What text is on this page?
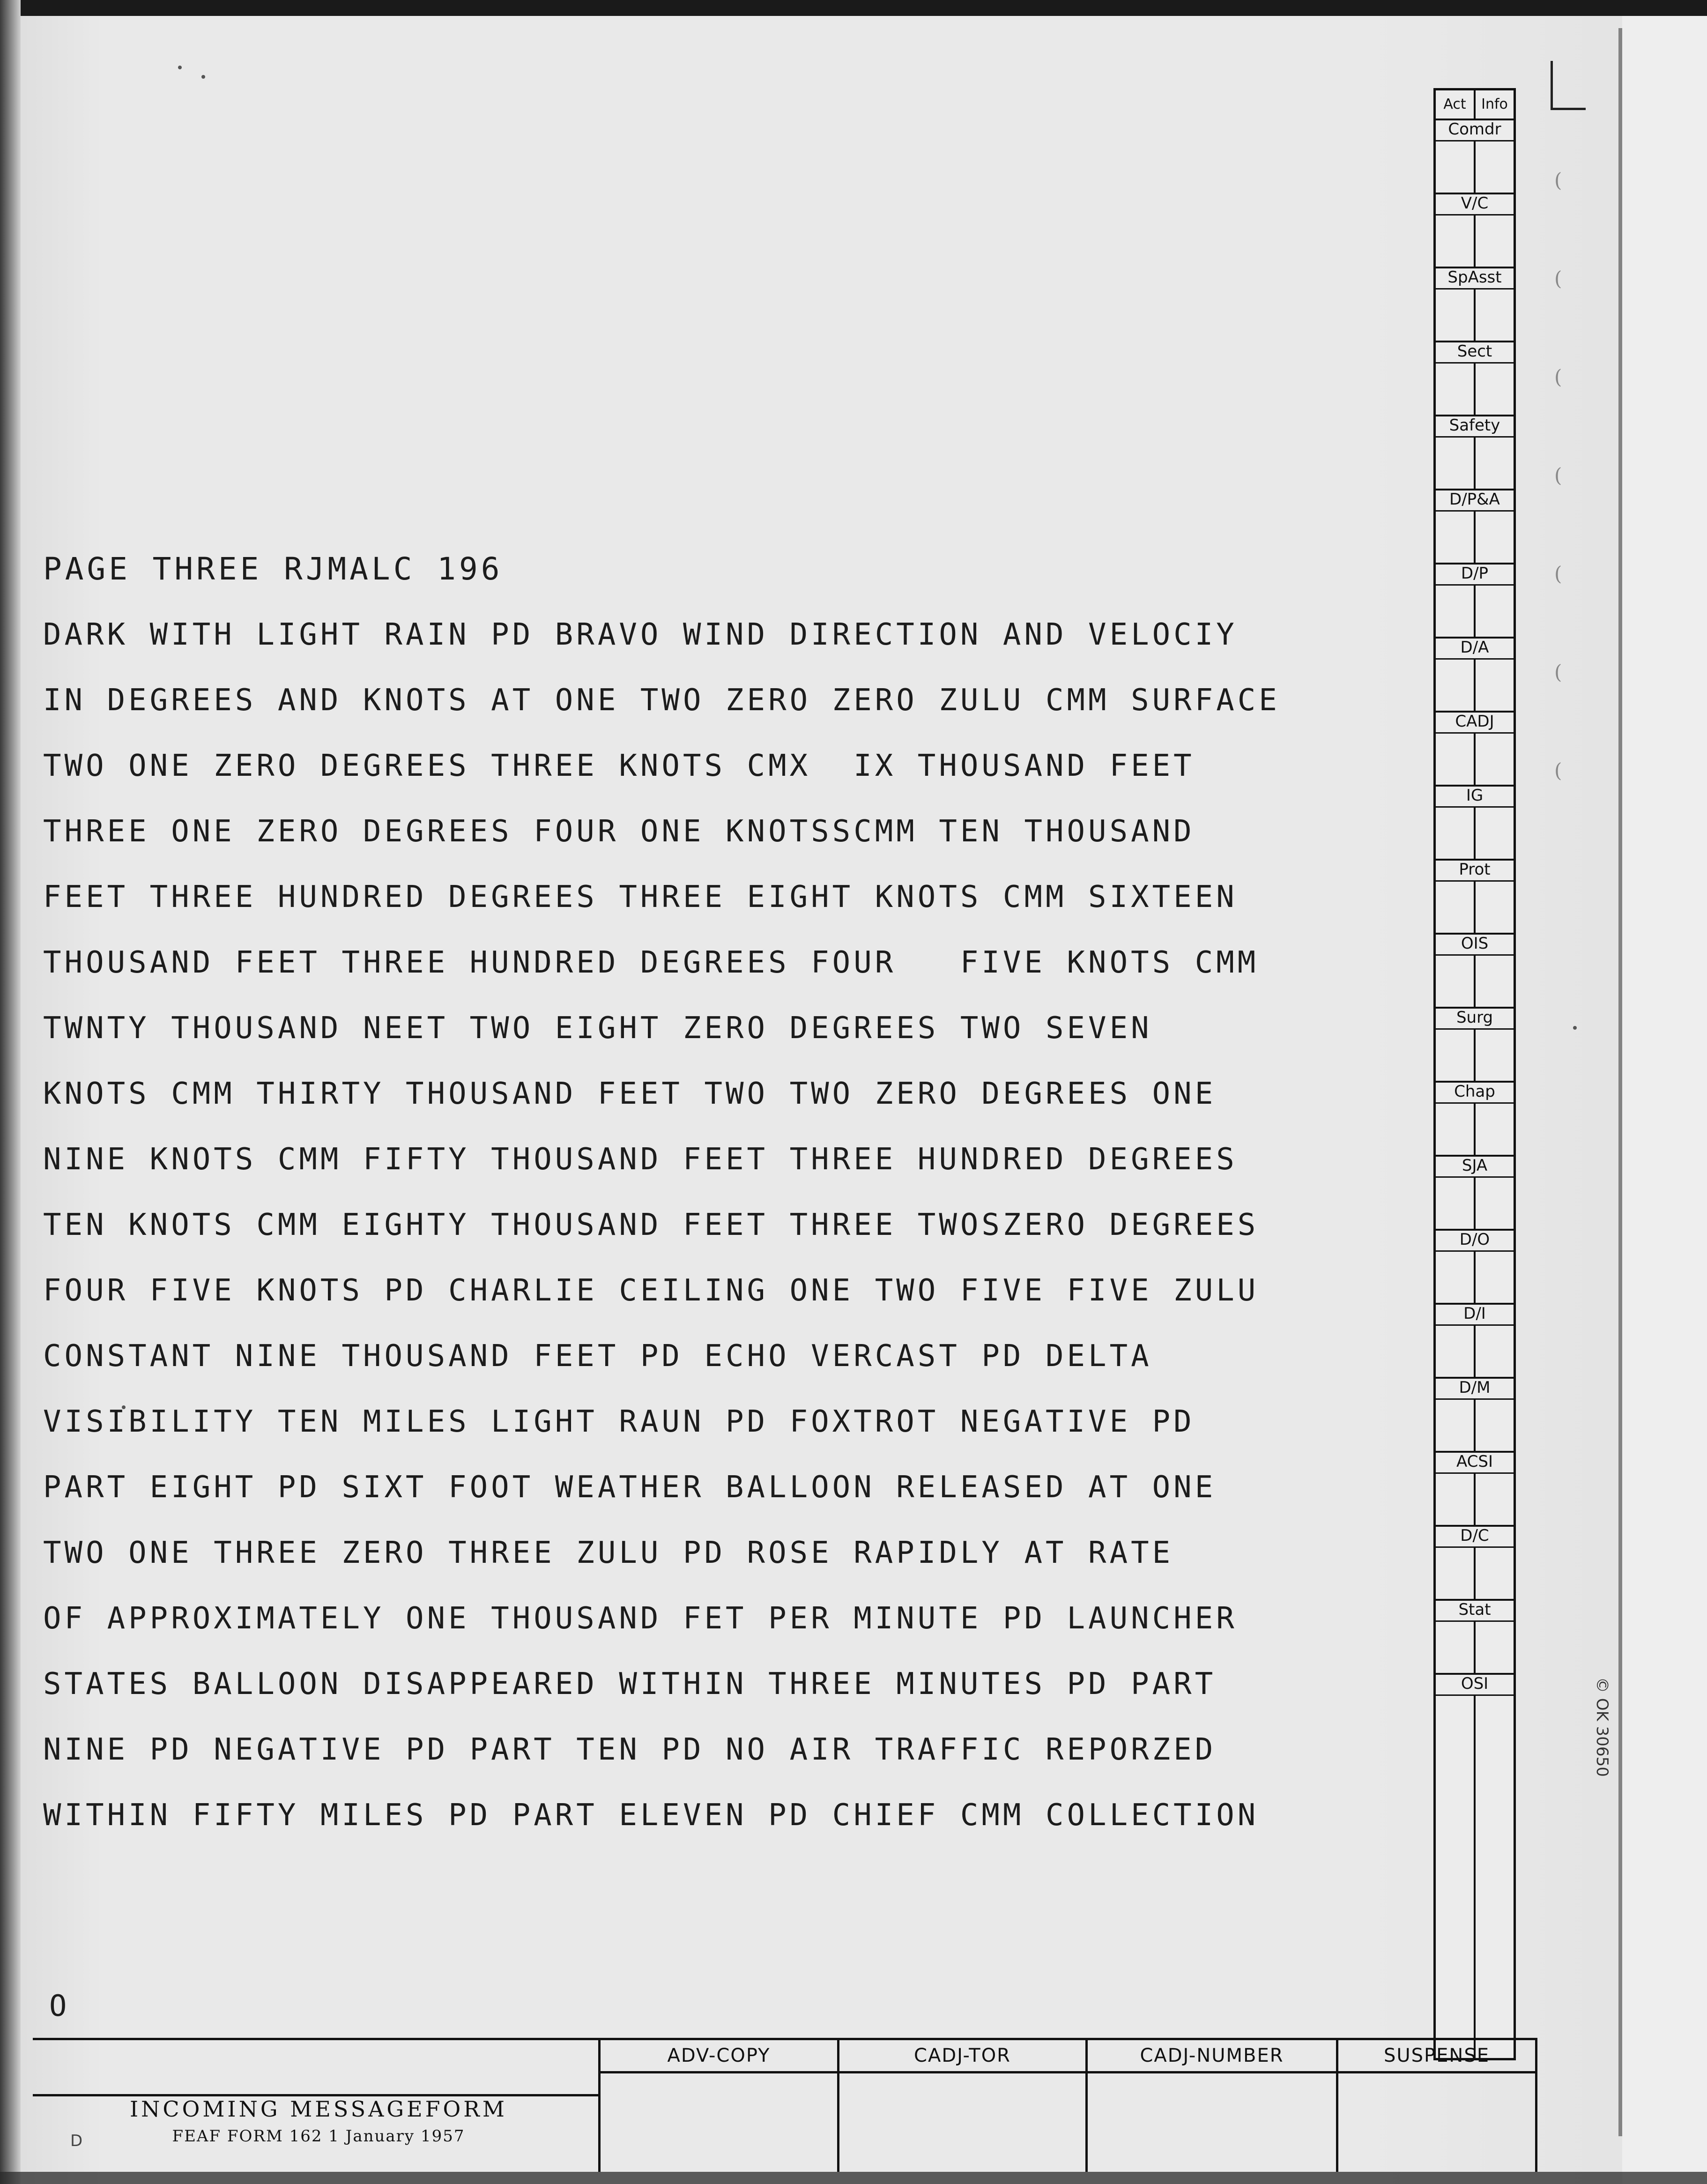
PAGE THREE RJMALC 196
DARK WITH LIGHT RAIN PD BRAVO WIND DIRECTION AND VELOCIY
IN DEGREES AND KNOTS AT ONE TWO ZERO ZERO ZULU CMM SURFACE
TWO ONE ZERO DEGREES THREE KNOTS CMX  IX THOUSAND FEET
THREE ONE ZERO DEGREES FOUR ONE KNOTSSCMM TEN THOUSAND
FEET THREE HUNDRED DEGREES THREE EIGHT KNOTS CMM SIXTEEN
THOUSAND FEET THREE HUNDRED DEGREES FOUR   FIVE KNOTS CMM
TWNTY THOUSAND NEET TWO EIGHT ZERO DEGREES TWO SEVEN
KNOTS CMM THIRTY THOUSAND FEET TWO TWO ZERO DEGREES ONE
NINE KNOTS CMM FIFTY THOUSAND FEET THREE HUNDRED DEGREES
TEN KNOTS CMM EIGHTY THOUSAND FEET THREE TWOSZERO DEGREES
FOUR FIVE KNOTS PD CHARLIE CEILING ONE TWO FIVE FIVE ZULU
CONSTANT NINE THOUSAND FEET PD ECHO VERCAST PD DELTA
VISIBILITY TEN MILES LIGHT RAUN PD FOXTROT NEGATIVE PD
PART EIGHT PD SIXT FOOT WEATHER BALLOON RELEASED AT ONE
TWO ONE THREE ZERO THREE ZULU PD ROSE RAPIDLY AT RATE
OF APPROXIMATELY ONE THOUSAND FET PER MINUTE PD LAUNCHER
STATES BALLOON DISAPPEARED WITHIN THREE MINUTES PD PART
NINE PD NEGATIVE PD PART TEN PD NO AIR TRAFFIC REPORZED
WITHIN FIFTY MILES PD PART ELEVEN PD CHIEF CMM COLLECTION
O
(
(
(
(
(
(
(
© OK 30650
Act	Info
Comdr
V/C
SpAsst
Sect
Safety
D/P&A
D/P
D/A
CADJ
IG
Prot
OIS
Surg
Chap
SJA
D/O
D/I
D/M
ACSI
D/C
Stat
OSI
ADV-COPY	CADJ-TOR	CADJ-NUMBER	SUSPENSE
INCOMING MESSAGEFORM
FEAF FORM 162 1 January 1957
D
